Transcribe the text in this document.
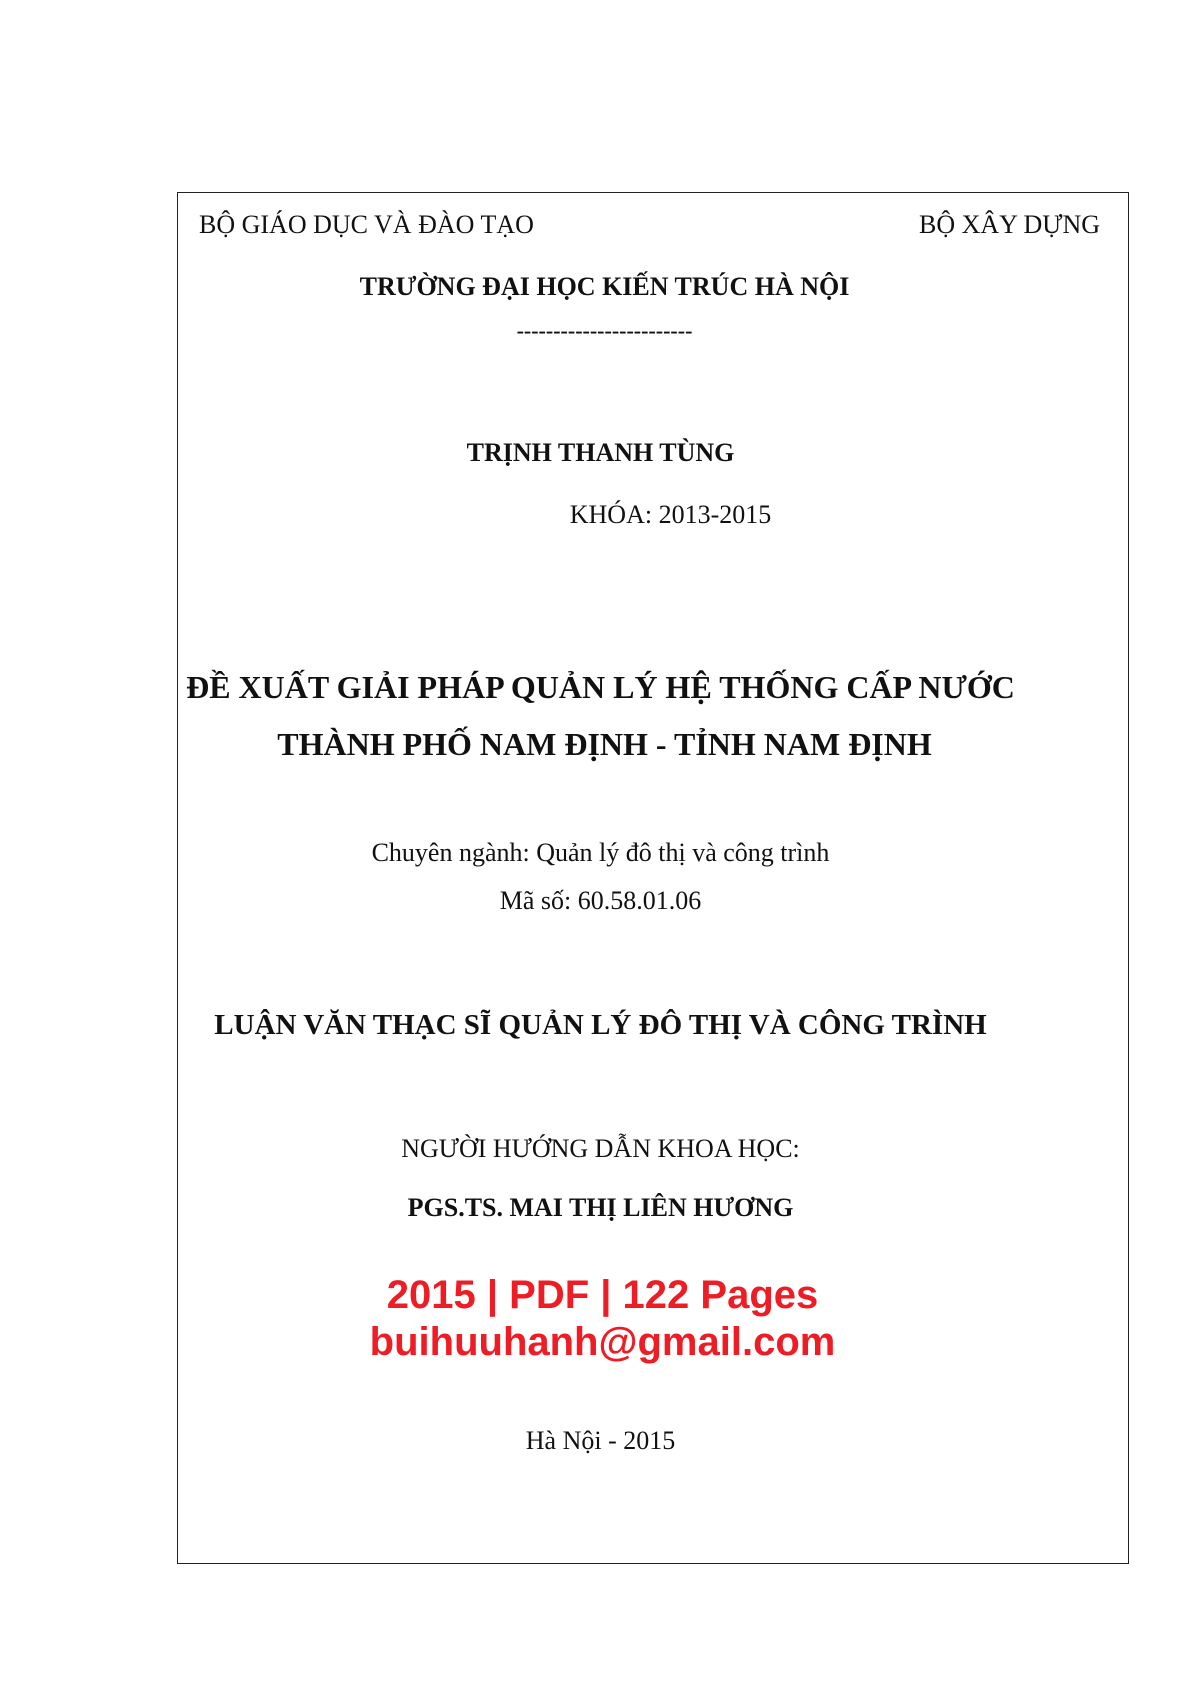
BỘ GIÁO DỤC VÀ ĐÀO TẠO	BỘ XÂY DỰNG
TRƯỜNG ĐẠI HỌC KIẾN TRÚC HÀ NỘI
------------------------
TRỊNH THANH TÙNG
KHÓA: 2013-2015
ĐỀ XUẤT GIẢI PHÁP QUẢN LÝ HỆ THỐNG CẤP NƯỚC
THÀNH PHỐ NAM ĐỊNH - TỈNH NAM ĐỊNH
Chuyên ngành: Quản lý đô thị và công trình
Mã số: 60.58.01.06
LUẬN VĂN THẠC SĨ QUẢN LÝ ĐÔ THỊ VÀ CÔNG TRÌNH
NGƯỜI HƯỚNG DẪN KHOA HỌC:
PGS.TS. MAI THỊ LIÊN HƯƠNG
2015 | PDF | 122 Pages
buihuuhanh@gmail.com
Hà Nội - 2015
